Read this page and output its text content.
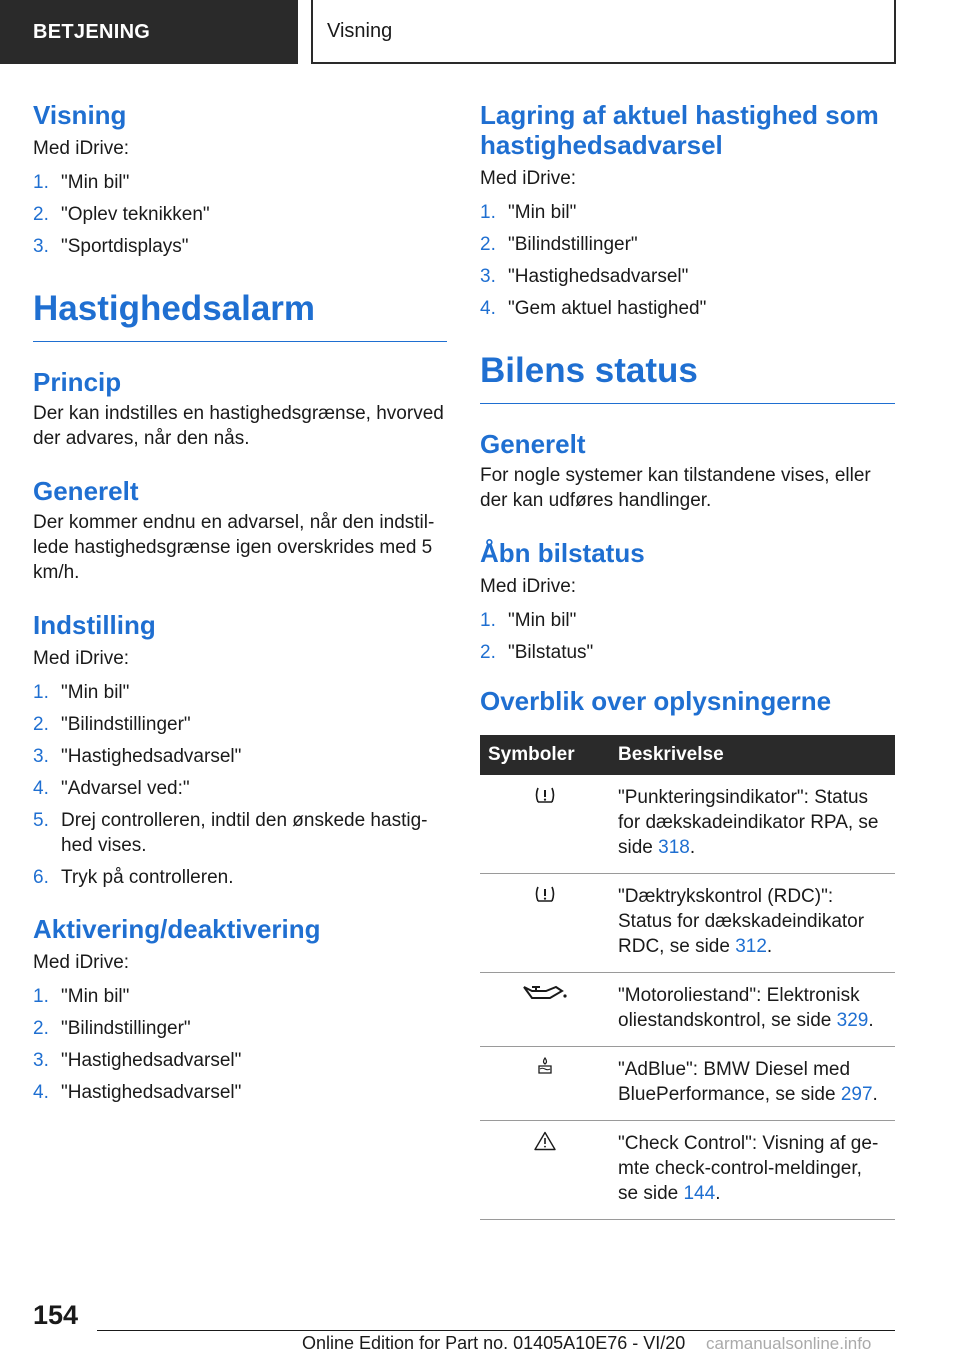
BETJENING	Visning
Visning

Med iDrive:

1. "Min bil"
2. "Oplev teknikken"
3. "Sportdisplays"
Hastighedsalarm
Princip

Der kan indstilles en hastighedsgrænse, hvorved der advares, når den nås.

Generelt

Der kommer endnu en advarsel, når den indstil-lede hastighedsgrænse igen overskrides med 5 km/h.

Indstilling

Med iDrive:

1. "Min bil"
2. "Bilindstillinger"
3. "Hastighedsadvarsel"
4. "Advarsel ved:"
5. Drej controlleren, indtil den ønskede hastig-hed vises.
6. Tryk på controlleren.
Aktivering/deaktivering

Med iDrive:

1. "Min bil"
2. "Bilindstillinger"
3. "Hastighedsadvarsel"
4. "Hastighedsadvarsel"
Lagring af aktuel hastighed som hastighedsadvarsel

Med iDrive:

1. "Min bil"
2. "Bilindstillinger"
3. "Hastighedsadvarsel"
4. "Gem aktuel hastighed"
Bilens status
Generelt

For nogle systemer kan tilstandene vises, eller der kan udføres handlinger.

Åbn bilstatus

Med iDrive:

1. "Min bil"
2. "Bilstatus"
Overblik over oplysningerne
Symboler	Beskrivelse
	"Punkteringsindikator": Status for dækskadeindikator RPA, se side 318.
	"Dæktrykskontrol (RDC)": Status for dækskadeindikator RDC, se side 312.
	"Motoroliestand": Elektronisk oliestandskontrol, se side 329.
	"AdBlue": BMW Diesel med BluePerformance, se side 297.
	"Check Control": Visning af ge-mte check-control-meldinger, se side 144.
154
Online Edition for Part no. 01405A10E76 - VI/20 carmanualsonline.info
